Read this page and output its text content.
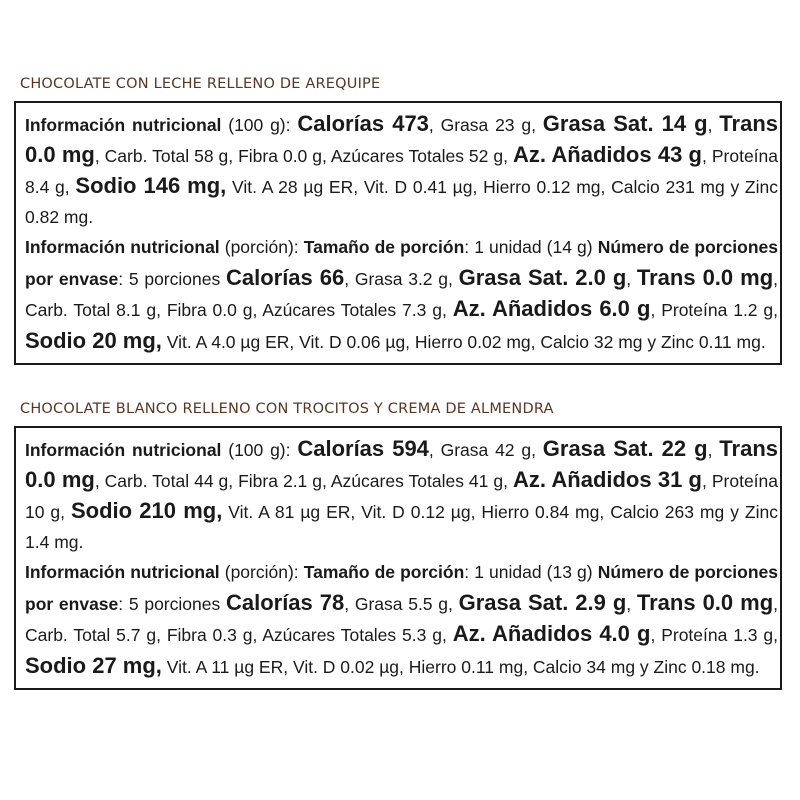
CHOCOLATE CON LECHE RELLENO DE AREQUIPE

Información nutricional (100 g): Calorías 473, Grasa 23 g, Grasa Sat. 14 g, Trans 0.0 mg, Carb. Total 58 g, Fibra 0.0 g, Azúcares Totales 52 g, Az. Añadidos 43 g, Proteína 8.4 g, Sodio 146 mg, Vit. A 28 µg ER, Vit. D 0.41 µg, Hierro 0.12 mg, Calcio 231 mg y Zinc 0.82 mg.

Información nutricional (porción): Tamaño de porción: 1 unidad (14 g) Número de porciones por envase: 5 porciones Calorías 66, Grasa 3.2 g, Grasa Sat. 2.0 g, Trans 0.0 mg, Carb. Total 8.1 g, Fibra 0.0 g, Azúcares Totales 7.3 g, Az. Añadidos 6.0 g, Proteína 1.2 g, Sodio 20 mg, Vit. A 4.0 µg ER, Vit. D 0.06 µg, Hierro 0.02 mg, Calcio 32 mg y Zinc 0.11 mg.

CHOCOLATE BLANCO RELLENO CON TROCITOS Y CREMA DE ALMENDRA

Información nutricional (100 g): Calorías 594, Grasa 42 g, Grasa Sat. 22 g, Trans 0.0 mg, Carb. Total 44 g, Fibra 2.1 g, Azúcares Totales 41 g, Az. Añadidos 31 g, Proteína 10 g, Sodio 210 mg, Vit. A 81 µg ER, Vit. D 0.12 µg, Hierro 0.84 mg, Calcio 263 mg y Zinc 1.4 mg.

Información nutricional (porción): Tamaño de porción: 1 unidad (13 g) Número de porciones por envase: 5 porciones Calorías 78, Grasa 5.5 g, Grasa Sat. 2.9 g, Trans 0.0 mg, Carb. Total 5.7 g, Fibra 0.3 g, Azúcares Totales 5.3 g, Az. Añadidos 4.0 g, Proteína 1.3 g, Sodio 27 mg, Vit. A 11 µg ER, Vit. D 0.02 µg, Hierro 0.11 mg, Calcio 34 mg y Zinc 0.18 mg.
